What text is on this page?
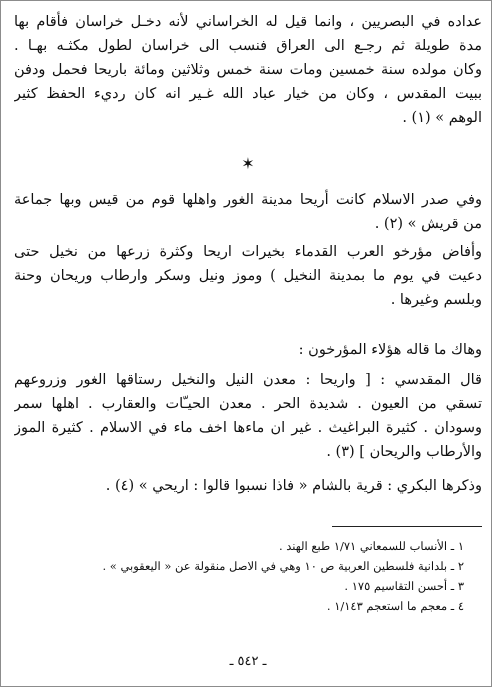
عداده في البصريين ، وانما قيل له الخراساني لأنه دخـل خراسان فأقام بها
مدة طويلة ثم رجـع الى العراق فنسب الى خراسان لطول مكثـه بهـا .
وكان مولده سنة خمسين ومات سنة خمس وثلاثين ومائة باريحا فحمل ودفن
ببيت المقدس ، وكان من خيار عباد الله غـير انه كان رديء الحفظ كثير
الوهم » (١) .
✶
وفي صدر الاسلام كانت أريحا مدينة الغور واهلها قوم من قيس وبها جماعة
من قريش » (٢) .
وأفاض مؤرخو العرب القدماء بخيرات اريحا وكثرة زرعها من نخيل حتى
دعيت في يوم ما بمدينة النخيل ) وموز ونيل وسكر وارطاب وريحان وحنة
وبلسم وغيرها .
وهاك ما قاله هؤلاء المؤرخون :
قال المقدسي : [ واريحا : معدن النيل والنخيل رستاقها الغور وزروعهم
تسقي من العيون . شديدة الحر . معدن الحيـّات والعقارب . اهلها سمر
وسودان . كثيرة البراغيث . غير ان ماءها اخف ماء في الاسلام . كثيرة الموز
والأرطاب والريحان ] (٣) .
وذكرها البكري : قرية بالشام « فاذا نسبوا قالوا : اريحي » (٤) .
١ ـ الأنساب للسمعاني ١/٧١ طبع الهند .
٢ ـ بلدانية فلسطين العربية ص ١٠ وهي في الاصل منقولة عن « اليعقوبي » .
٣ ـ أحسن التقاسيم ١٧٥ .
٤ ـ معجم ما استعجم ١/١٤٣ .
ـ ٥٤٢ ـ
